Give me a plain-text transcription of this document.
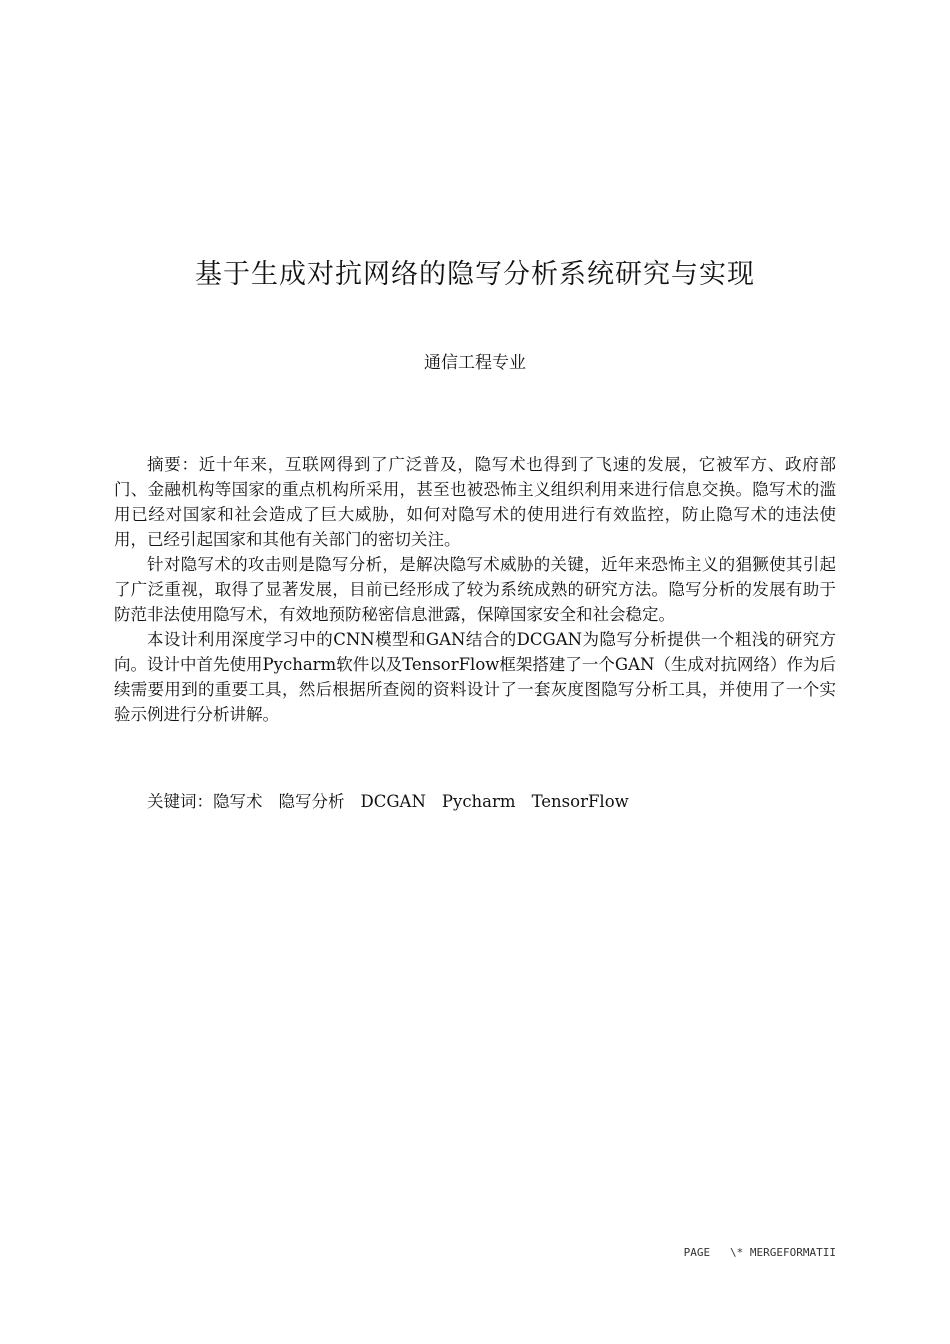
基于生成对抗网络的隐写分析系统研究与实现
通信工程专业

摘要：近十年来，互联网得到了广泛普及，隐写术也得到了飞速的发展，它被军方、政府部门、金融机构等国家的重点机构所采用，甚至也被恐怖主义组织利用来进行信息交换。隐写术的滥用已经对国家和社会造成了巨大威胁，如何对隐写术的使用进行有效监控，防止隐写术的违法使用，已经引起国家和其他有关部门的密切关注。

针对隐写术的攻击则是隐写分析，是解决隐写术威胁的关键，近年来恐怖主义的猖獗使其引起了广泛重视，取得了显著发展，目前已经形成了较为系统成熟的研究方法。隐写分析的发展有助于防范非法使用隐写术，有效地预防秘密信息泄露，保障国家安全和社会稳定。

本设计利用深度学习中的CNN模型和GAN结合的DCGAN为隐写分析提供一个粗浅的研究方向。设计中首先使用Pycharm软件以及TensorFlow框架搭建了一个GAN（生成对抗网络）作为后续需要用到的重要工具，然后根据所查阅的资料设计了一套灰度图隐写分析工具，并使用了一个实验示例进行分析讲解。

关键词：隐写术 隐写分析 DCGAN Pycharm TensorFlow
PAGE   \* MERGEFORMATII
